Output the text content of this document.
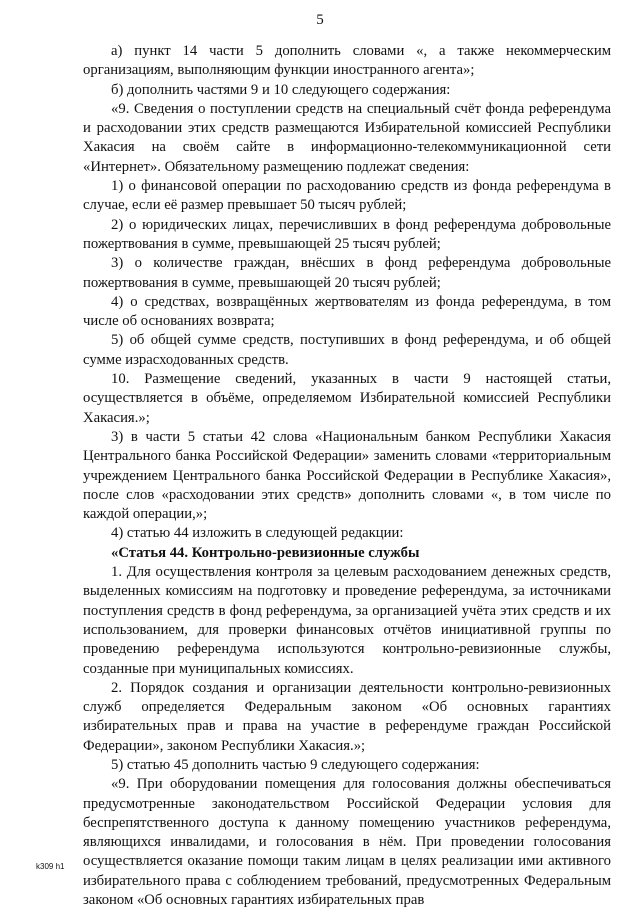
5

а) пункт 14 части 5 дополнить словами «, а также некоммерческим организациям, выполняющим функции иностранного агента»;

б) дополнить частями 9 и 10 следующего содержания:

«9. Сведения о поступлении средств на специальный счёт фонда референдума и расходовании этих средств размещаются Избирательной комиссией Республики Хакасия на своём сайте в информационно-телекоммуникационной сети «Интернет». Обязательному размещению подлежат сведения:

1) о финансовой операции по расходованию средств из фонда референдума в случае, если её размер превышает 50 тысяч рублей;

2) о юридических лицах, перечисливших в фонд референдума добровольные пожертвования в сумме, превышающей 25 тысяч рублей;

3) о количестве граждан, внёсших в фонд референдума добровольные пожертвования в сумме, превышающей 20 тысяч рублей;

4) о средствах, возвращённых жертвователям из фонда референдума, в том числе об основаниях возврата;

5) об общей сумме средств, поступивших в фонд референдума, и об общей сумме израсходованных средств.

10. Размещение сведений, указанных в части 9 настоящей статьи, осуществляется в объёме, определяемом Избирательной комиссией Республики Хакасия.»;

3) в части 5 статьи 42 слова «Национальным банком Республики Хакасия Центрального банка Российской Федерации» заменить словами «территориальным учреждением Центрального банка Российской Федерации в Республике Хакасия», после слов «расходовании этих средств» дополнить словами «, в том числе по каждой операции,»;

4) статью 44 изложить в следующей редакции:

«Статья 44. Контрольно-ревизионные службы

1. Для осуществления контроля за целевым расходованием денежных средств, выделенных комиссиям на подготовку и проведение референдума, за источниками поступления средств в фонд референдума, за организацией учёта этих средств и их использованием, для проверки финансовых отчётов инициативной группы по проведению референдума используются контрольно-ревизионные службы, созданные при муниципальных комиссиях.

2. Порядок создания и организации деятельности контрольно-ревизионных служб определяется Федеральным законом «Об основных гарантиях избирательных прав и права на участие в референдуме граждан Российской Федерации», законом Республики Хакасия.»;

5) статью 45 дополнить частью 9 следующего содержания:

«9. При оборудовании помещения для голосования должны обеспечиваться предусмотренные законодательством Российской Федерации условия для беспрепятственного доступа к данному помещению участников референдума, являющихся инвалидами, и голосования в нём. При проведении голосования осуществляется оказание помощи таким лицам в целях реализации ими активного избирательного права с соблюдением требований, предусмотренных Федеральным законом «Об основных гарантиях избирательных прав

k309 h1
